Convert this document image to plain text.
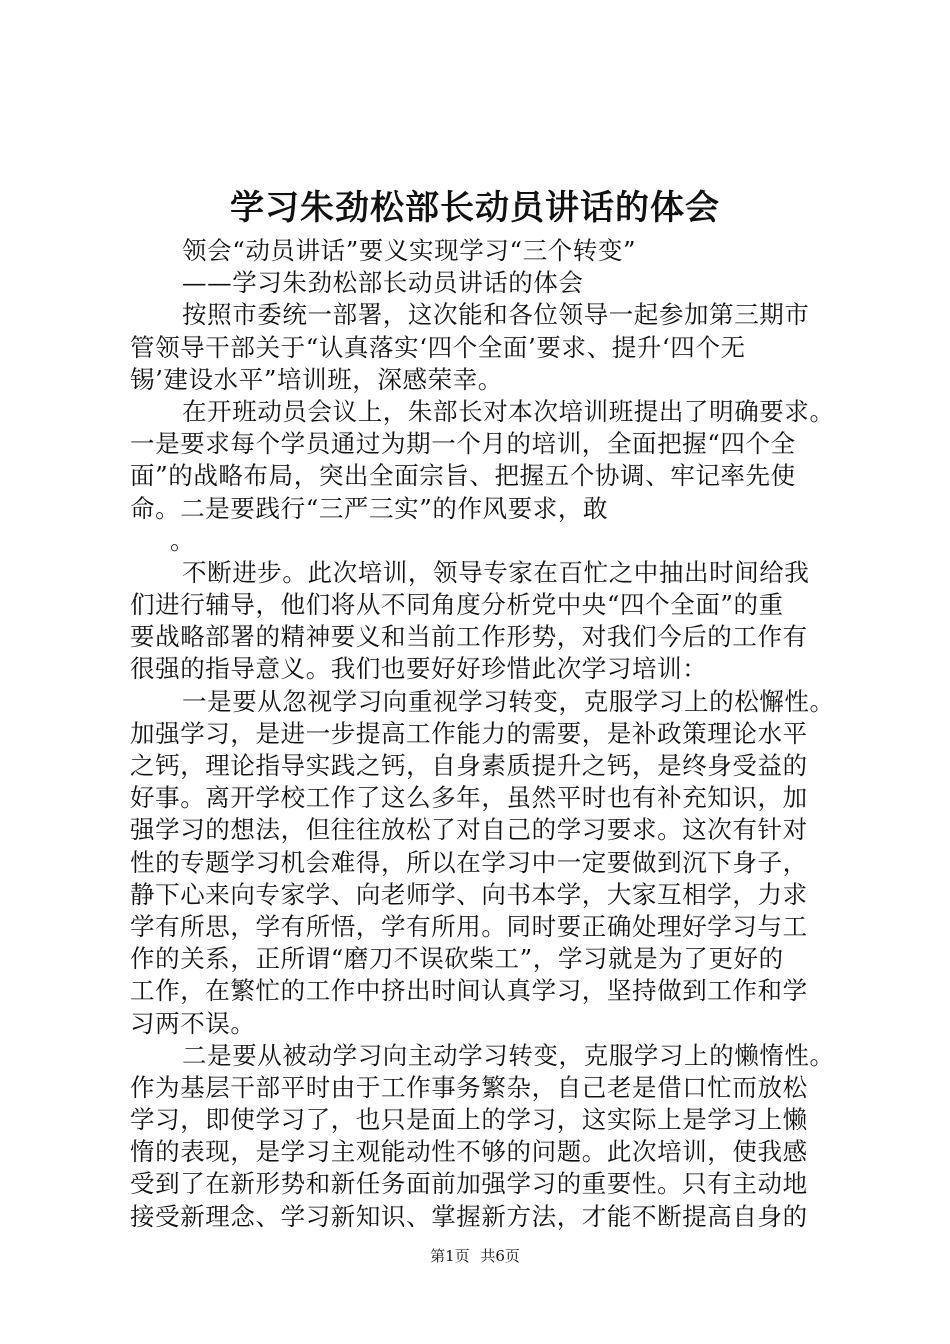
学习朱劲松部长动员讲话的体会
领会“动员讲话”要义实现学习“三个转变”
——学习朱劲松部长动员讲话的体会
按照市委统一部署，这次能和各位领导一起参加第三期市
管领导干部关于“认真落实‘四个全面’要求、提升‘四个无
锡’建设水平”培训班，深感荣幸。
在开班动员会议上，朱部长对本次培训班提出了明确要求。
一是要求每个学员通过为期一个月的培训，全面把握“四个全
面”的战略布局，突出全面宗旨、把握五个协调、牢记率先使
命。二是要践行“三严三实”的作风要求，敢
。
不断进步。此次培训，领导专家在百忙之中抽出时间给我
们进行辅导，他们将从不同角度分析党中央“四个全面”的重
要战略部署的精神要义和当前工作形势，对我们今后的工作有
很强的指导意义。我们也要好好珍惜此次学习培训：
一是要从忽视学习向重视学习转变，克服学习上的松懈性。
加强学习，是进一步提高工作能力的需要，是补政策理论水平
之钙，理论指导实践之钙，自身素质提升之钙，是终身受益的
好事。离开学校工作了这么多年，虽然平时也有补充知识，加
强学习的想法，但往往放松了对自己的学习要求。这次有针对
性的专题学习机会难得，所以在学习中一定要做到沉下身子，
静下心来向专家学、向老师学、向书本学，大家互相学，力求
学有所思，学有所悟，学有所用。同时要正确处理好学习与工
作的关系，正所谓“磨刀不误砍柴工”，学习就是为了更好的
工作，在繁忙的工作中挤出时间认真学习，坚持做到工作和学
习两不误。
二是要从被动学习向主动学习转变，克服学习上的懒惰性。
作为基层干部平时由于工作事务繁杂，自己老是借口忙而放松
学习，即使学习了，也只是面上的学习，这实际上是学习上懒
惰的表现，是学习主观能动性不够的问题。此次培训，使我感
受到了在新形势和新任务面前加强学习的重要性。只有主动地
接受新理念、学习新知识、掌握新方法，才能不断提高自身的
第1页 共6页
